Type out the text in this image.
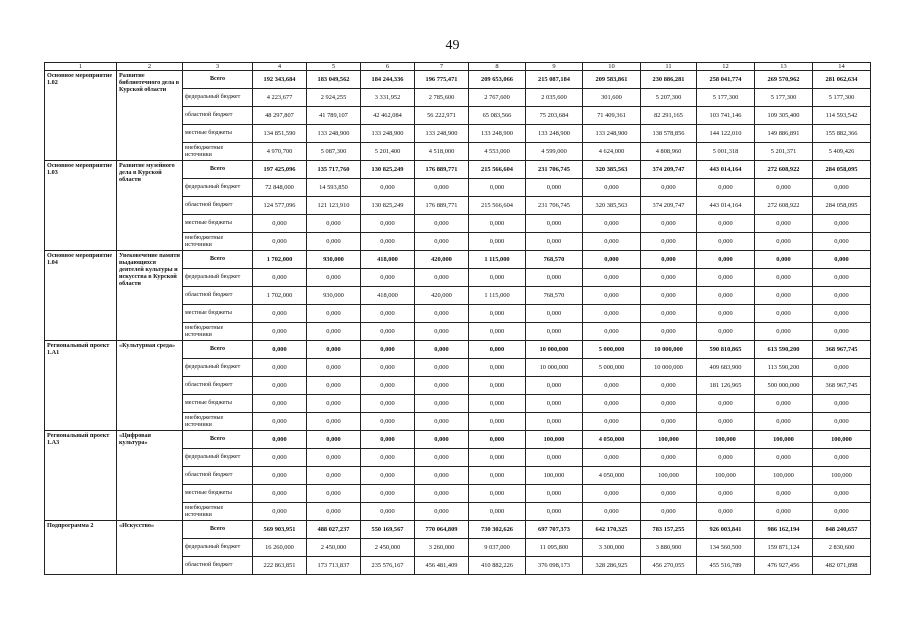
49
1	2	3	4	5	6	7	8	9	10	11	12	13	14
Основное мероприятие 1.02	Развитие библиотечного дела в Курской области	Всего	192 343,684	183 049,562	184 244,336	196 775,471	209 653,066	215 087,184	209 583,861	230 886,281	258 041,774	269 570,962	281 062,634
		федеральный бюджет	4 223,677	2 924,255	3 331,952	2 785,600	2 767,600	2 035,600	301,600	5 207,300	5 177,300	5 177,300	5 177,300
		областной бюджет	48 297,807	41 789,107	42 462,084	56 222,971	65 083,566	75 203,684	71 409,361	82 291,165	103 741,146	109 305,400	114 593,542
		местные бюджеты	134 851,590	133 248,900	133 248,900	133 248,900	133 248,900	133 248,900	133 248,900	138 578,856	144 122,010	149 886,891	155 882,366
		внебюджетные источники	4 970,700	5 087,300	5 201,400	4 518,000	4 553,000	4 599,000	4 624,000	4 808,960	5 001,318	5 201,371	5 409,426
Основное мероприятие 1.03	Развитие музейного дела в Курской области	Всего	197 425,096	135 717,760	130 825,249	176 889,771	215 566,604	231 706,745	320 385,563	374 209,747	443 014,164	272 608,922	284 058,095
		федеральный бюджет	72 848,000	14 593,850	0,000	0,000	0,000	0,000	0,000	0,000	0,000	0,000	0,000
		областной бюджет	124 577,096	121 123,910	130 825,249	176 889,771	215 566,604	231 706,745	320 385,563	374 209,747	443 014,164	272 608,922	284 058,095
		местные бюджеты	0,000	0,000	0,000	0,000	0,000	0,000	0,000	0,000	0,000	0,000	0,000
		внебюджетные источники	0,000	0,000	0,000	0,000	0,000	0,000	0,000	0,000	0,000	0,000	0,000
Основное мероприятие 1.04	Увековечение памяти выдающихся деятелей культуры и искусства в Курской области	Всего	1 702,000	930,000	418,000	420,000	1 115,000	768,570	0,000	0,000	0,000	0,000	0,000
		федеральный бюджет	0,000	0,000	0,000	0,000	0,000	0,000	0,000	0,000	0,000	0,000	0,000
		областной бюджет	1 702,000	930,000	418,000	420,000	1 115,000	768,570	0,000	0,000	0,000	0,000	0,000
		местные бюджеты	0,000	0,000	0,000	0,000	0,000	0,000	0,000	0,000	0,000	0,000	0,000
		внебюджетные источники	0,000	0,000	0,000	0,000	0,000	0,000	0,000	0,000	0,000	0,000	0,000
Региональный проект 1.А1	«Культурная среда»	Всего	0,000	0,000	0,000	0,000	0,000	10 000,000	5 000,000	10 000,000	590 810,865	613 590,200	368 967,745
		федеральный бюджет	0,000	0,000	0,000	0,000	0,000	10 000,000	5 000,000	10 000,000	409 683,900	113 590,200	0,000
		областной бюджет	0,000	0,000	0,000	0,000	0,000	0,000	0,000	0,000	181 126,965	500 000,000	368 967,745
		местные бюджеты	0,000	0,000	0,000	0,000	0,000	0,000	0,000	0,000	0,000	0,000	0,000
		внебюджетные источники	0,000	0,000	0,000	0,000	0,000	0,000	0,000	0,000	0,000	0,000	0,000
Региональный проект 1.А3	«Цифровая культура»	Всего	0,000	0,000	0,000	0,000	0,000	100,000	4 050,000	100,000	100,000	100,000	100,000
		федеральный бюджет	0,000	0,000	0,000	0,000	0,000	0,000	0,000	0,000	0,000	0,000	0,000
		областной бюджет	0,000	0,000	0,000	0,000	0,000	100,000	4 050,000	100,000	100,000	100,000	100,000
		местные бюджеты	0,000	0,000	0,000	0,000	0,000	0,000	0,000	0,000	0,000	0,000	0,000
		внебюджетные источники	0,000	0,000	0,000	0,000	0,000	0,000	0,000	0,000	0,000	0,000	0,000
Подпрограмма 2	«Искусство»	Всего	569 903,951	488 027,237	550 169,567	770 064,809	730 302,626	697 707,373	642 170,325	783 157,255	926 003,841	986 162,194	848 240,657
		федеральный бюджет	16 260,000	2 450,000	2 450,000	3 260,000	9 037,000	11 095,800	3 300,000	3 880,900	134 560,500	159 871,124	2 830,600
		областной бюджет	222 863,851	173 713,837	235 576,167	456 481,409	410 882,226	376 098,173	328 286,925	456 270,055	455 516,789	476 927,456	482 071,898
